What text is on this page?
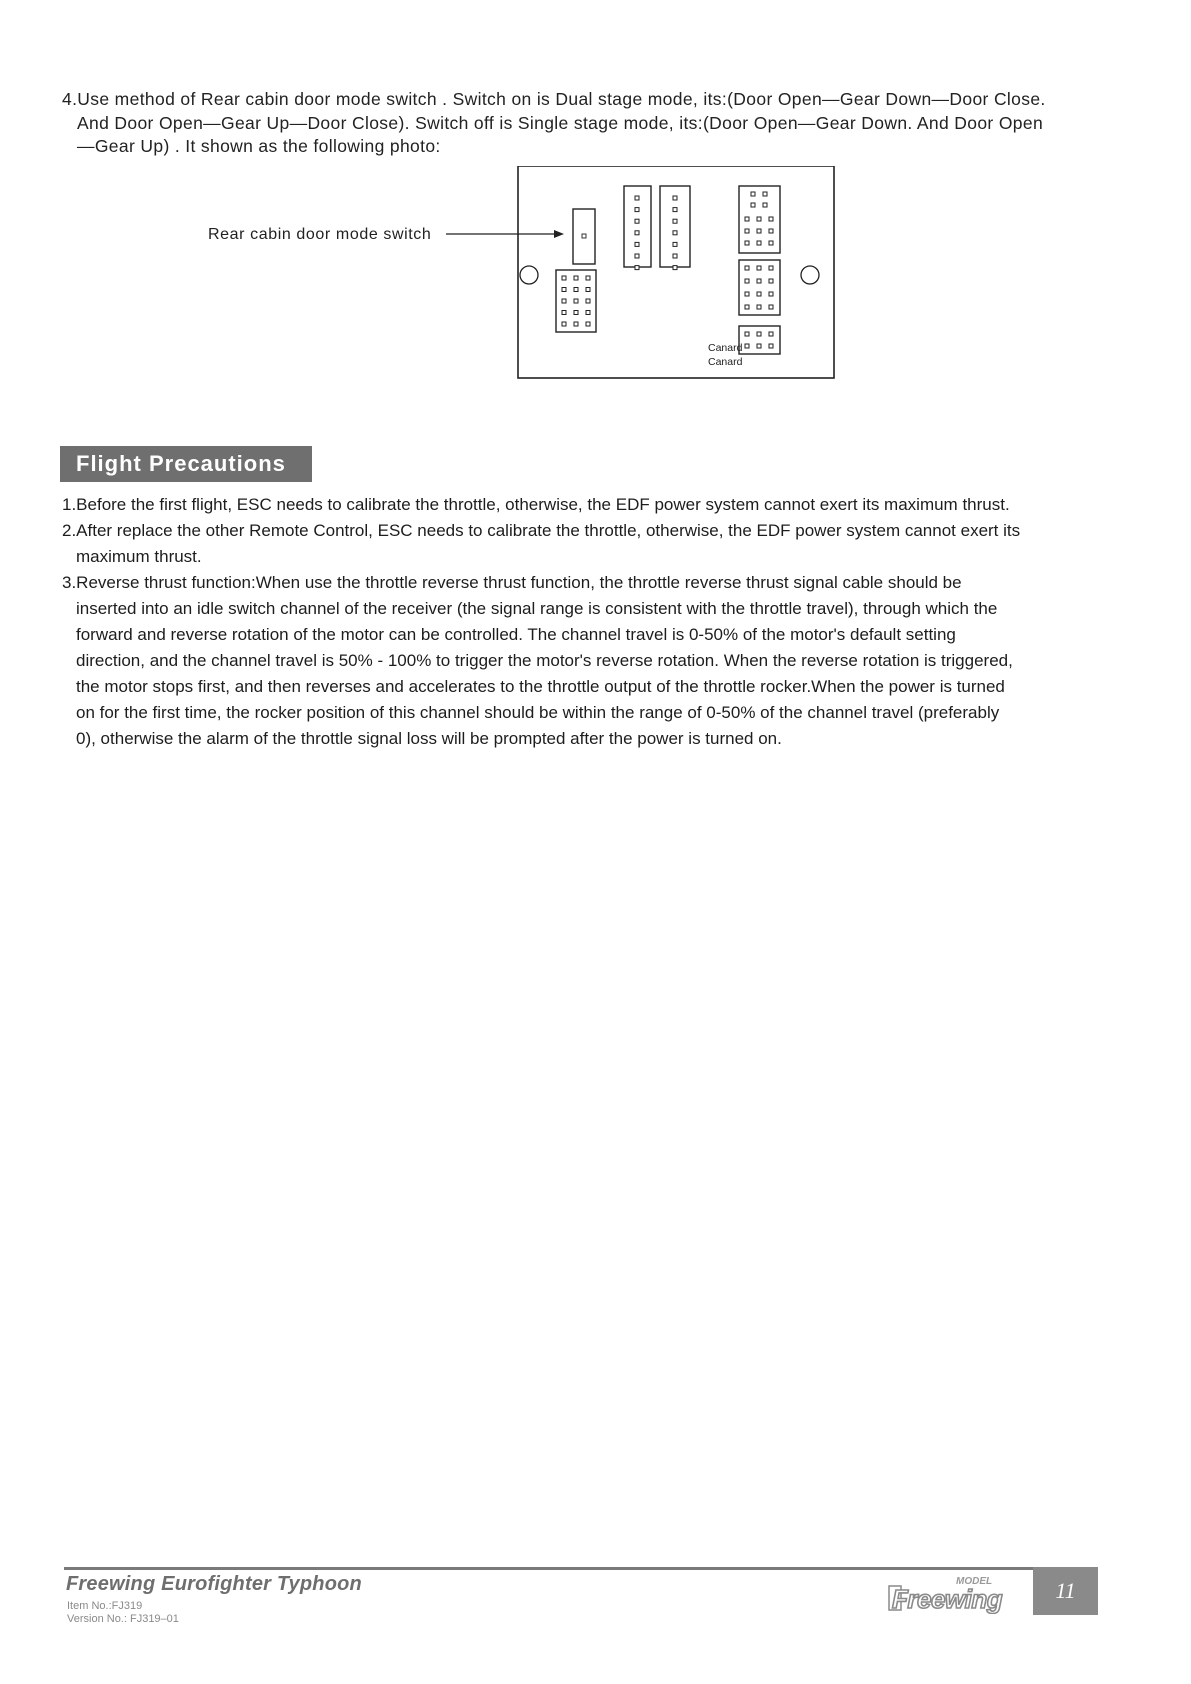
4.Use method of Rear cabin door mode switch . Switch on is Dual stage mode, its:(Door Open—Gear Down—Door Close.
And Door Open—Gear Up—Door Close). Switch off is Single stage mode, its:(Door Open—Gear Down. And Door Open
—Gear Up) . It shown as the following photo:
Rear cabin door mode switch
Canard
Canard
Flight Precautions
1.Before the first flight, ESC needs to calibrate the throttle, otherwise, the EDF power system cannot exert its maximum thrust.
2.After replace the other Remote Control, ESC needs to calibrate the throttle, otherwise, the EDF power system cannot exert its
maximum thrust.
3.Reverse thrust function:When use the throttle reverse thrust function, the throttle reverse thrust signal cable should be
inserted into an idle switch channel of the receiver (the signal range is consistent with the throttle travel), through which the
forward and reverse rotation of the motor can be controlled. The channel travel is 0-50% of the motor's default setting
direction, and the channel travel is 50% - 100% to trigger the motor's reverse rotation. When the reverse rotation is triggered,
the motor stops first, and then reverses and accelerates to the throttle output of the throttle rocker.When the power is turned
on for the first time, the rocker position of this channel should be within the range of 0-50% of the channel travel (preferably
0), otherwise the alarm of the throttle signal loss will be prompted after the power is turned on.
Freewing Eurofighter Typhoon
Item No.:FJ319
Version No.: FJ319–01
MODEL
Freewing	11
